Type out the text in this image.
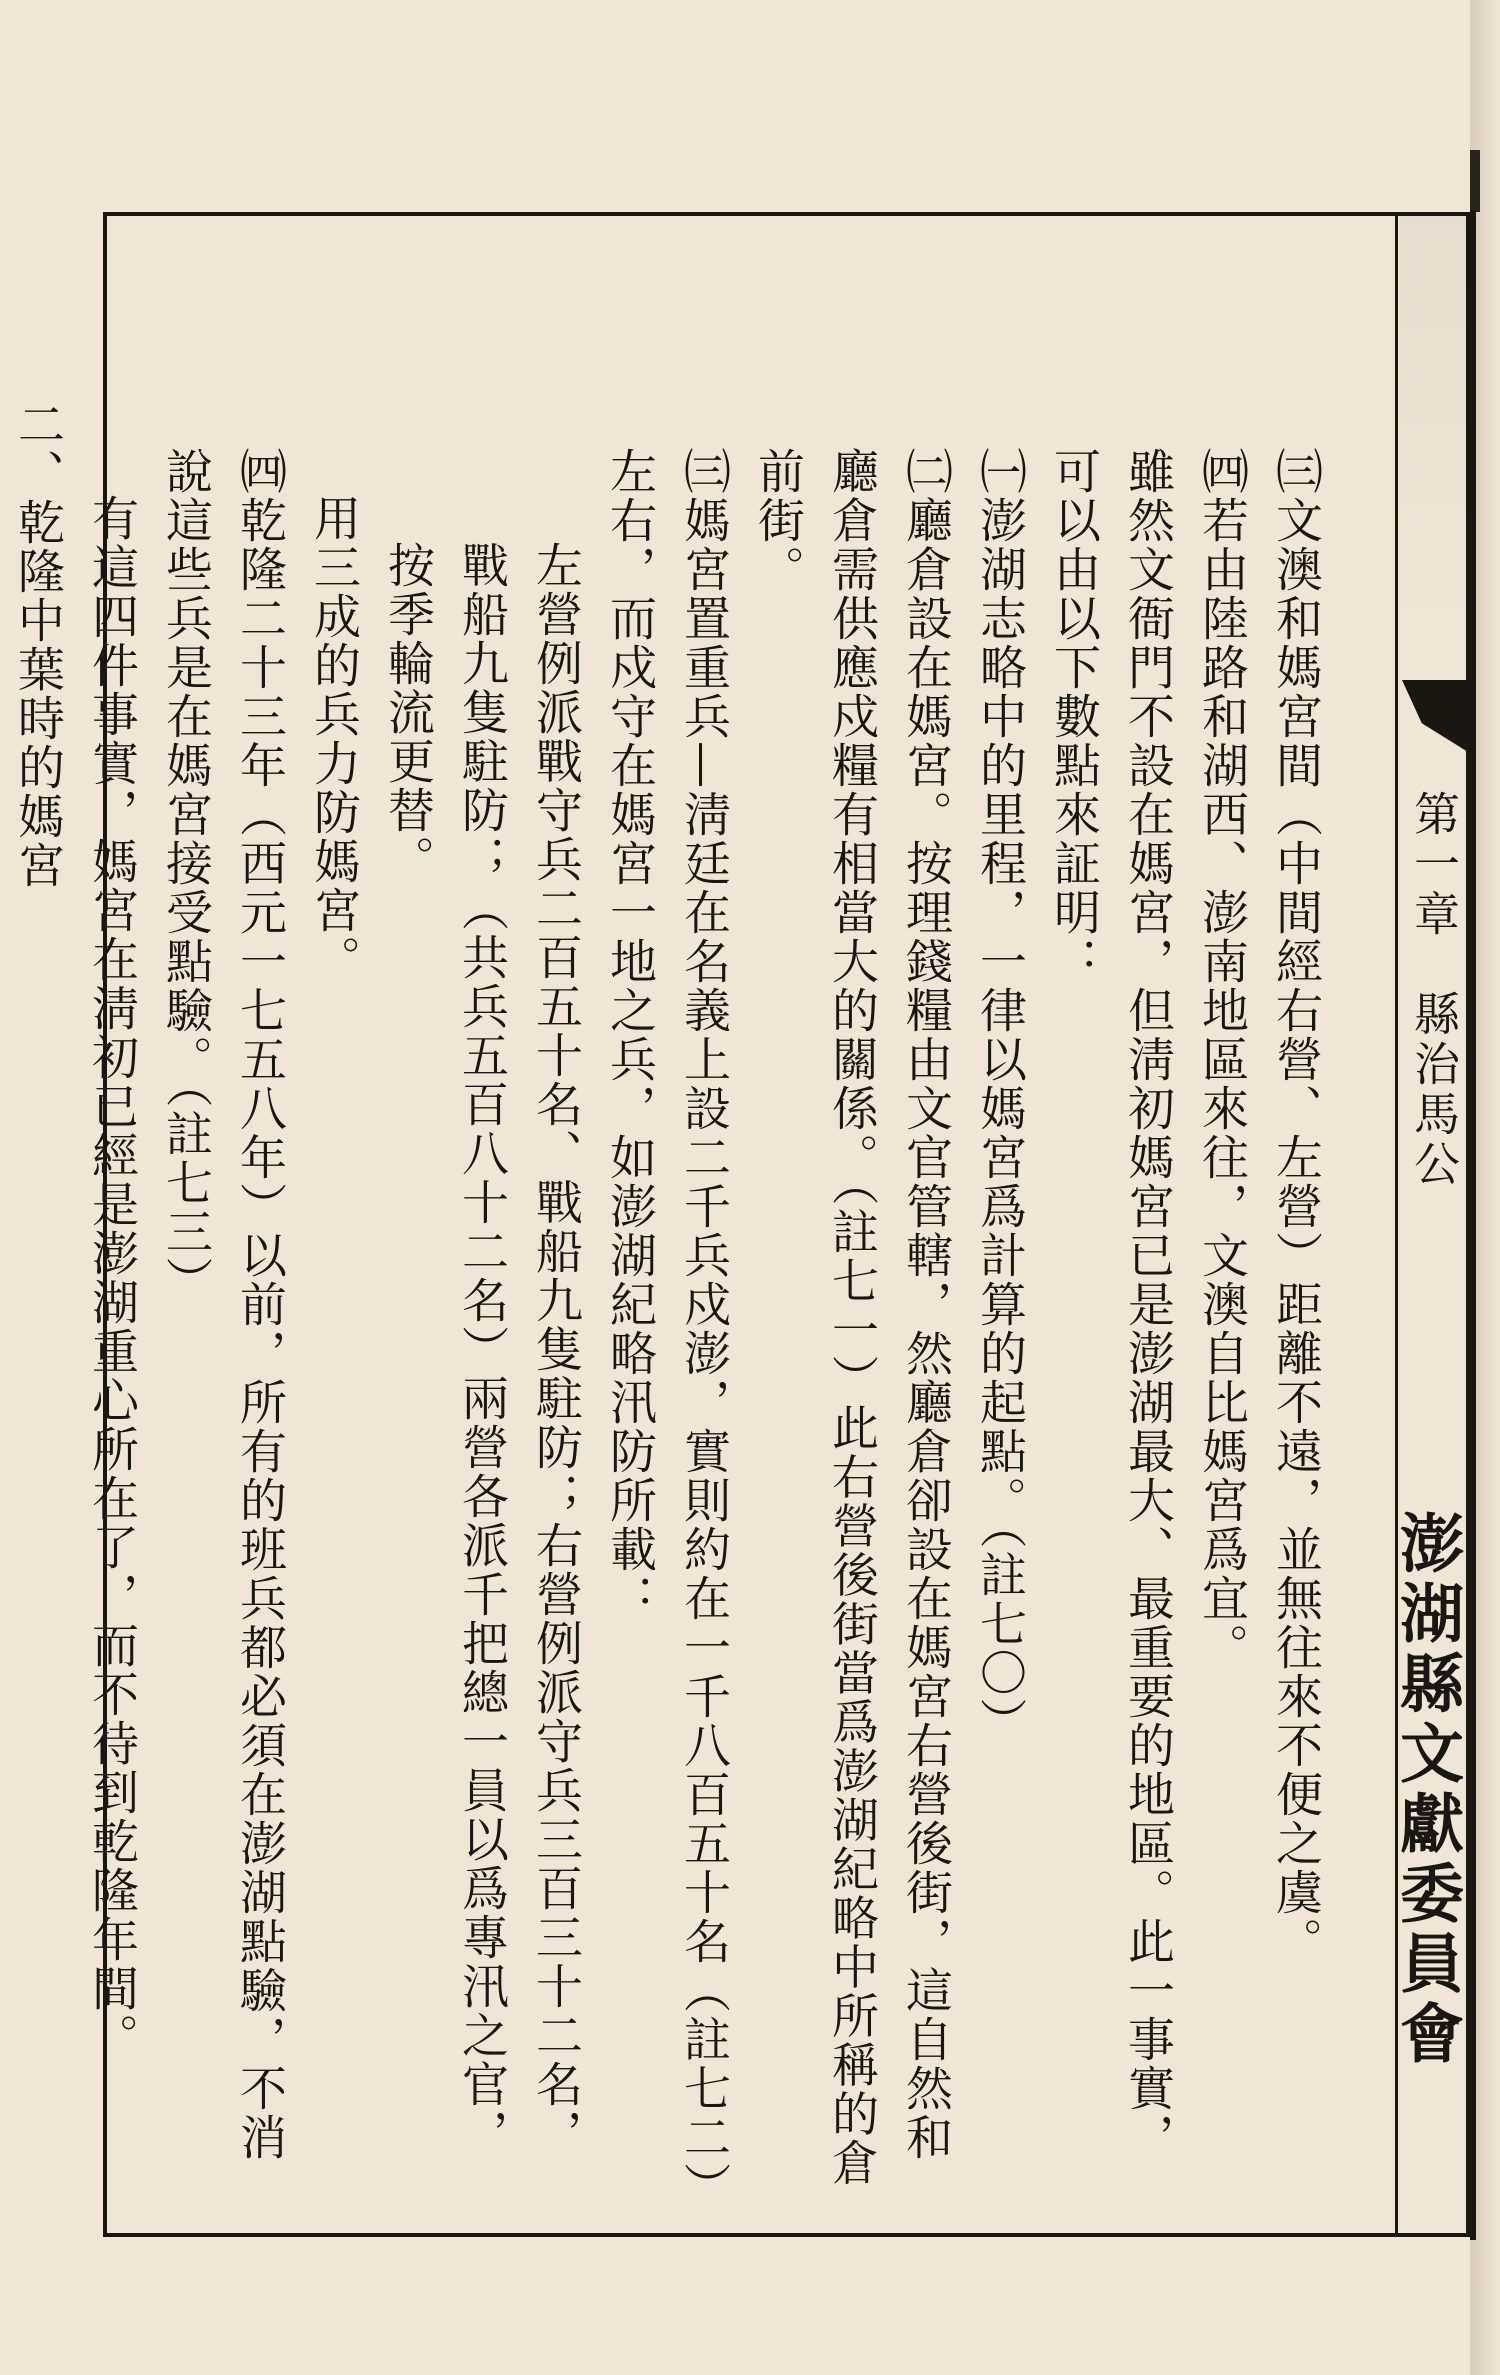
第一章　縣治馬公
澎湖縣文獻委員會

㈢文澳和媽宮間（中間經右營、左營）距離不遠，並無往來不便之虞。

㈣若由陸路和湖西、澎南地區來往，文澳自比媽宮爲宜。

雖然文衙門不設在媽宮，但淸初媽宮已是澎湖最大、最重要的地區。此一事實，可以由以下數點來証明：

㈠澎湖志略中的里程，一律以媽宮爲計算的起點。（註七〇）

㈡廳倉設在媽宮。按理錢糧由文官管轄，然廳倉卻設在媽宮右營後街，這自然和廳倉需供應戍糧有相當大的關係。（註七一）此右營後街當爲澎湖紀略中所稱的倉前街。

㈢媽宮置重兵—淸廷在名義上設二千兵戍澎，實則約在一千八百五十名（註七二）左右，而戍守在媽宮一地之兵，如澎湖紀略汛防所載：

左營例派戰守兵二百五十名、戰船九隻駐防；右營例派守兵三百三十二名，戰船九隻駐防；（共兵五百八十二名）兩營各派千把總一員以爲專汛之官，按季輪流更替。

用三成的兵力防媽宮。

㈣乾隆二十三年（西元一七五八年）以前，所有的班兵都必須在澎湖點驗，不消說這些兵是在媽宮接受點驗。（註七三）

有這四件事實，媽宮在淸初已經是澎湖重心所在了，而不待到乾隆年間。

二、乾隆中葉時的媽宮
